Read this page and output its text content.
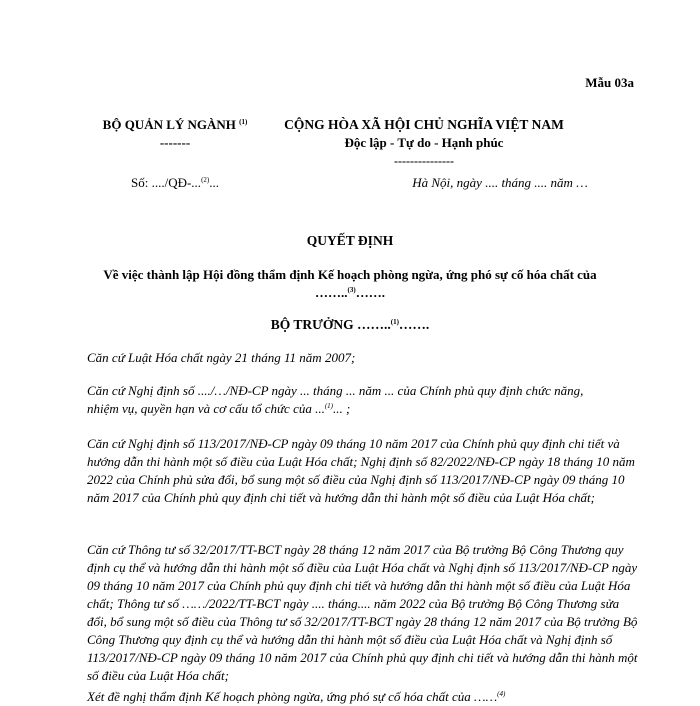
Mẫu 03a
BỘ QUẢN LÝ NGÀNH $^{(1)}$
-------
CỘNG HÒA XÃ HỘI CHỦ NGHĨA VIỆT NAM
Độc lập - Tự do - Hạnh phúc
---------------
Số: ..../QĐ-...$^{(2)}$...	Hà Nội, ngày .... tháng .... năm …
QUYẾT ĐỊNH
Về việc thành lập Hội đồng thẩm định Kế hoạch phòng ngừa, ứng phó sự cố hóa chất của
……..$^{(3)}$…….
BỘ TRƯỞNG ……..$^{(1)}$…….
Căn cứ Luật Hóa chất ngày 21 tháng 11 năm 2007;
Căn cứ Nghị định số ..../…/NĐ-CP ngày ... tháng ... năm ... của Chính phủ quy định chức năng,
nhiệm vụ, quyền hạn và cơ cấu tổ chức của ...$^{(1)}$... ;
Căn cứ Nghị định số 113/2017/NĐ-CP ngày 09 tháng 10 năm 2017 của Chính phủ quy định chi tiết và hướng dẫn thi hành một số điều của Luật Hóa chất; Nghị định số 82/2022/NĐ-CP ngày 18 tháng 10 năm 2022 của Chính phủ sửa đổi, bổ sung một số điều của Nghị định số 113/2017/NĐ-CP ngày 09 tháng 10 năm 2017 của Chính phủ quy định chi tiết và hướng dẫn thi hành một số điều của Luật Hóa chất;
Căn cứ Thông tư số 32/2017/TT-BCT ngày 28 tháng 12 năm 2017 của Bộ trưởng Bộ Công Thương quy định cụ thể và hướng dẫn thi hành một số điều của Luật Hóa chất và Nghị định số 113/2017/NĐ-CP ngày 09 tháng 10 năm 2017 của Chính phủ quy định chi tiết và hướng dẫn thi hành một số điều của Luật Hóa chất; Thông tư số ……/2022/TT-BCT ngày .... tháng.... năm 2022 của Bộ trưởng Bộ Công Thương sửa đổi, bổ sung một số điều của Thông tư số 32/2017/TT-BCT ngày 28 tháng 12 năm 2017 của Bộ trưởng Bộ Công Thương quy định cụ thể và hướng dẫn thi hành một số điều của Luật Hóa chất và Nghị định số 113/2017/NĐ-CP ngày 09 tháng 10 năm 2017 của Chính phủ quy định chi tiết và hướng dẫn thi hành một số điều của Luật Hóa chất;
Xét đề nghị thẩm định Kế hoạch phòng ngừa, ứng phó sự cố hóa chất của ……$^{(4)}$
